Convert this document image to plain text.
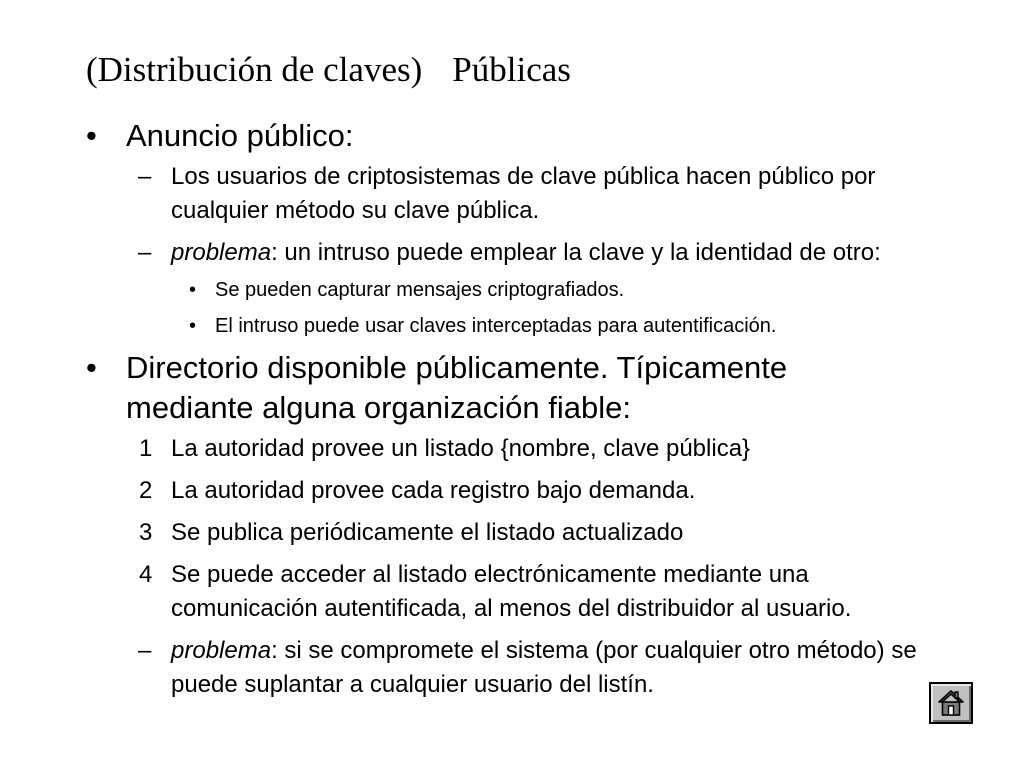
(Distribución de claves) Públicas
• Anuncio público:
– Los usuarios de criptosistemas de clave pública hacen público por cualquier método su clave pública.
– problema: un intruso puede emplear la clave y la identidad de otro:
• Se pueden capturar mensajes criptografiados.
• El intruso puede usar claves interceptadas para autentificación.
• Directorio disponible públicamente. Típicamente mediante alguna organización fiable:
1 La autoridad provee un listado {nombre, clave pública}
2 La autoridad provee cada registro bajo demanda.
3 Se publica periódicamente el listado actualizado
4 Se puede acceder al listado electrónicamente mediante una comunicación autentificada, al menos del distribuidor al usuario.
– problema: si se compromete el sistema (por cualquier otro método) se puede suplantar a cualquier usuario del listín.
